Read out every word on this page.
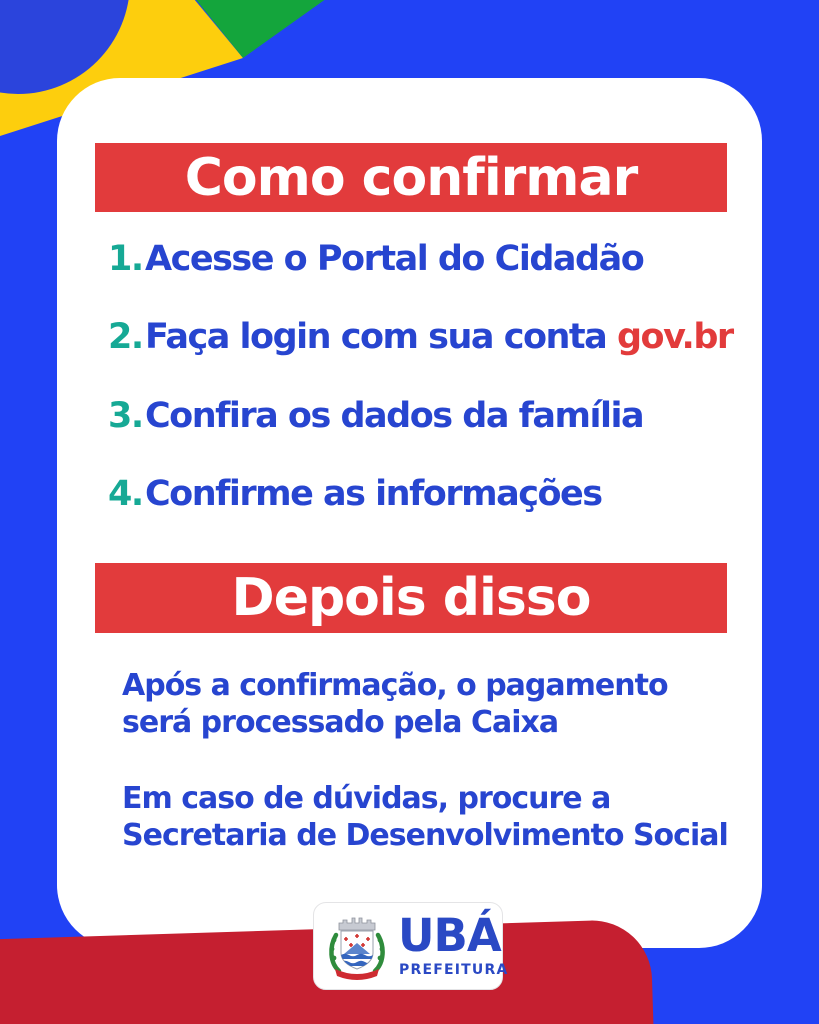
Como confirmar
1. Acesse o Portal do Cidadão
2. Faça login com sua conta gov.br
3. Confira os dados da família
4. Confirme as informações
Depois disso

Após a confirmação, o pagamento
será processado pela Caixa

Em caso de dúvidas, procure a
Secretaria de Desenvolvimento Social

UBÁ
PREFEITURA
